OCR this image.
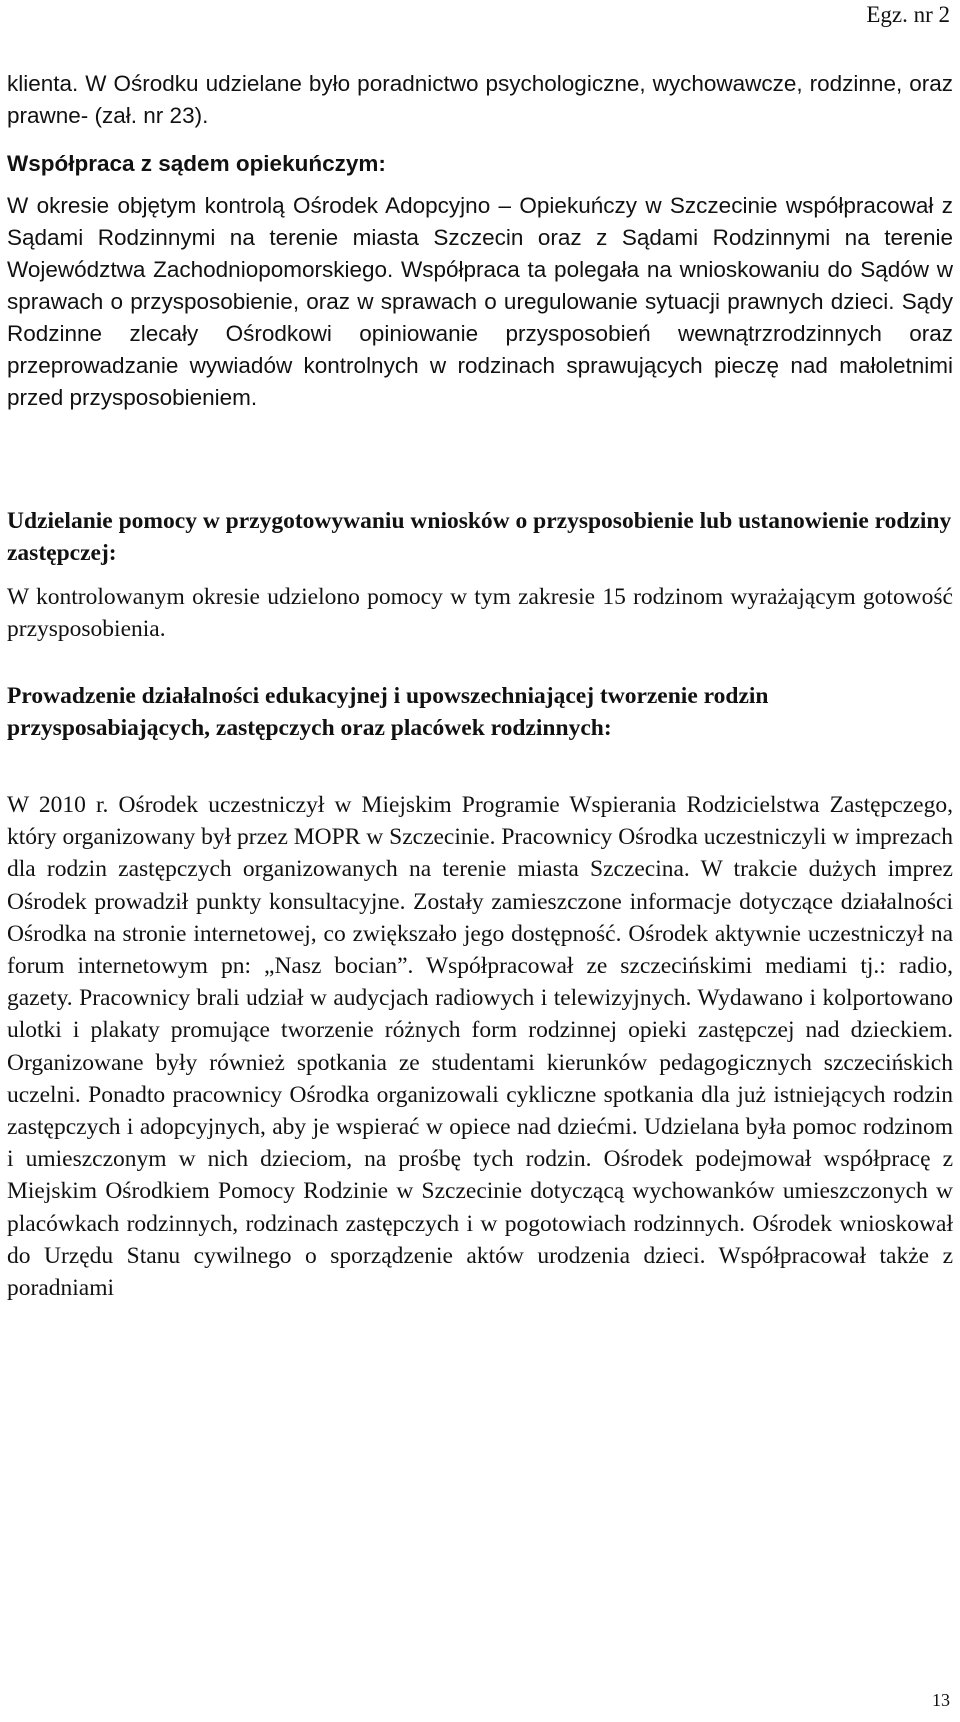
Egz. nr 2
klienta. W Ośrodku udzielane było poradnictwo psychologiczne, wychowawcze, rodzinne, oraz prawne- (zał. nr 23).
Współpraca z sądem opiekuńczym:
W okresie objętym kontrolą Ośrodek Adopcyjno – Opiekuńczy w Szczecinie współpracował z Sądami Rodzinnymi na terenie miasta Szczecin oraz z Sądami Rodzinnymi na terenie Województwa Zachodniopomorskiego. Współpraca ta polegała na wnioskowaniu do Sądów w sprawach o przysposobienie, oraz w sprawach o uregulowanie sytuacji prawnych dzieci. Sądy Rodzinne zlecały Ośrodkowi opiniowanie przysposobień wewnątrzrodzinnych oraz przeprowadzanie wywiadów kontrolnych w rodzinach sprawujących pieczę nad małoletnimi przed przysposobieniem.
Udzielanie pomocy w przygotowywaniu wniosków o przysposobienie lub ustanowienie rodziny zastępczej:
W kontrolowanym okresie udzielono pomocy w tym zakresie 15 rodzinom wyrażającym gotowość przysposobienia.
Prowadzenie działalności edukacyjnej i upowszechniającej tworzenie rodzin przysposabiających, zastępczych oraz placówek rodzinnych:
W 2010 r. Ośrodek uczestniczył w Miejskim Programie Wspierania Rodzicielstwa Zastępczego, który organizowany był przez MOPR w Szczecinie. Pracownicy Ośrodka uczestniczyli w imprezach dla rodzin zastępczych organizowanych na terenie miasta Szczecina. W trakcie dużych imprez Ośrodek prowadził punkty konsultacyjne. Zostały zamieszczone informacje dotyczące działalności Ośrodka na stronie internetowej, co zwiększało jego dostępność. Ośrodek aktywnie uczestniczył na forum internetowym pn: „Nasz bocian”. Współpracował ze szczecińskimi mediami tj.: radio, gazety. Pracownicy brali udział w audycjach radiowych i telewizyjnych. Wydawano i kolportowano ulotki i plakaty promujące tworzenie różnych form rodzinnej opieki zastępczej nad dzieckiem. Organizowane były również spotkania ze studentami kierunków pedagogicznych szczecińskich uczelni. Ponadto pracownicy Ośrodka organizowali cykliczne spotkania dla już istniejących rodzin zastępczych i adopcyjnych, aby je wspierać w opiece nad dziećmi. Udzielana była pomoc rodzinom i umieszczonym w nich dzieciom, na prośbę tych rodzin. Ośrodek podejmował współpracę z Miejskim Ośrodkiem Pomocy Rodzinie w Szczecinie dotyczącą wychowanków umieszczonych w placówkach rodzinnych, rodzinach zastępczych i w pogotowiach rodzinnych. Ośrodek wnioskował do Urzędu Stanu cywilnego o sporządzenie aktów urodzenia dzieci. Współpracował także z poradniami
13
